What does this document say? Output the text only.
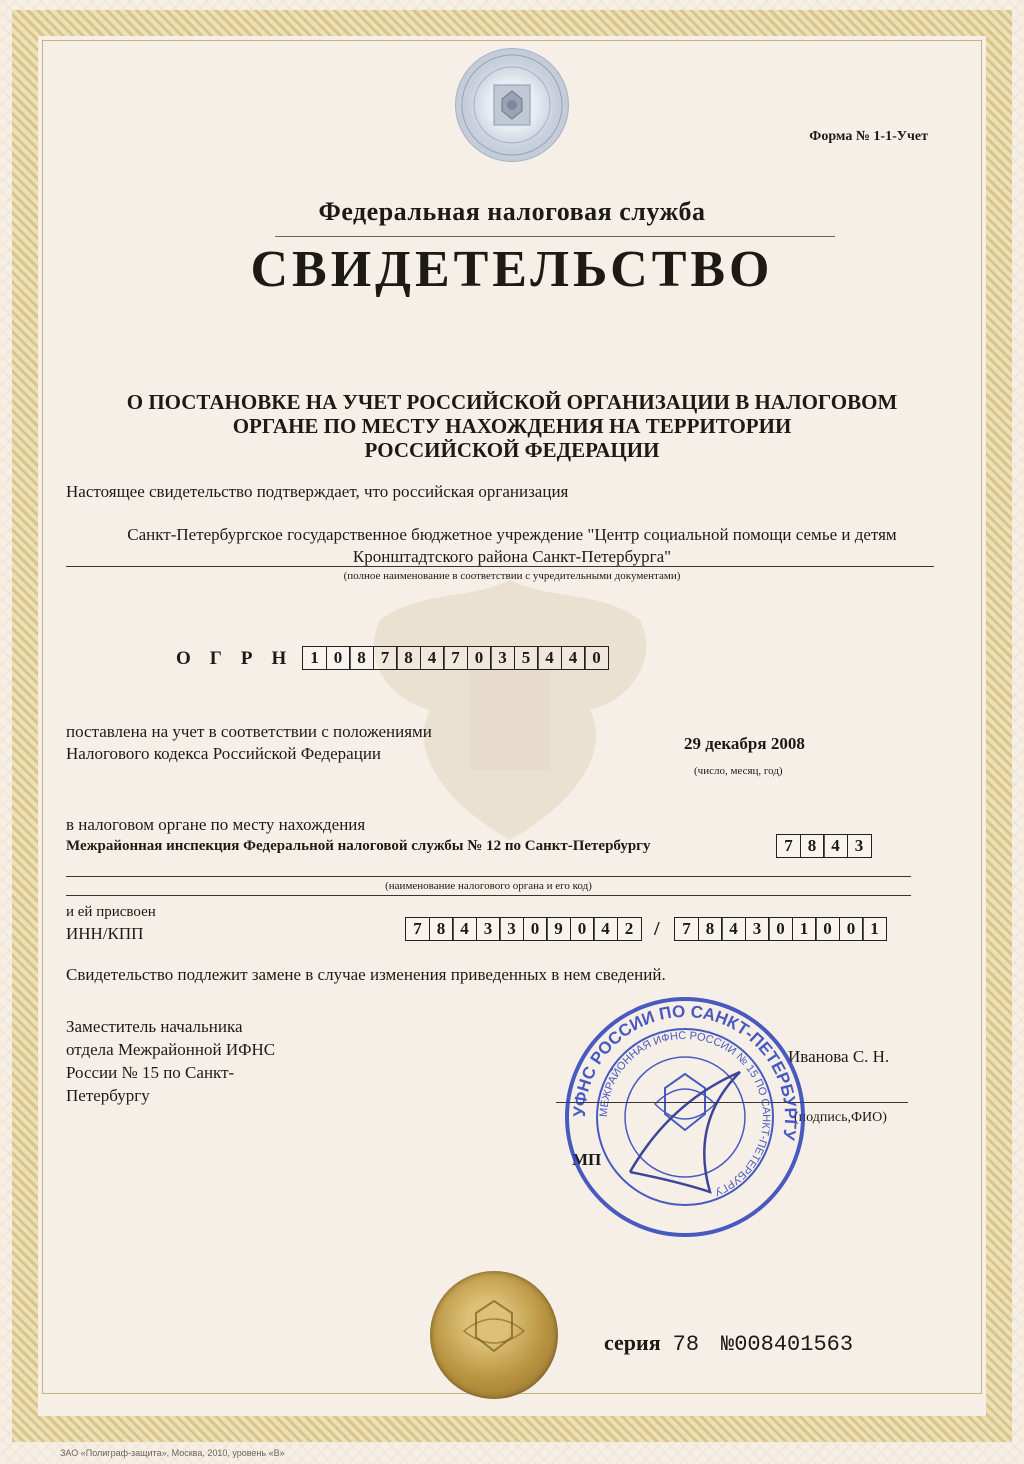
Форма № 1-1-Учет
Федеральная налоговая служба
СВИДЕТЕЛЬСТВО
О ПОСТАНОВКЕ НА УЧЕТ РОССИЙСКОЙ ОРГАНИЗАЦИИ В НАЛОГОВОМ
ОРГАНЕ ПО МЕСТУ НАХОЖДЕНИЯ НА ТЕРРИТОРИИ
РОССИЙСКОЙ ФЕДЕРАЦИИ
Настоящее свидетельство подтверждает, что российская организация
Санкт-Петербургское государственное бюджетное учреждение "Центр социальной помощи семье и детям
Кронштадтского района Санкт-Петербурга"
(полное наименование в соответствии с учредительными документами)
ОГРН 1 0 8 7 8 4 7 0 3 5 4 4 0
поставлена на учет в соответствии с положениями
Налогового кодекса Российской Федерации
29 декабря 2008
(число, месяц, год)
в налоговом органе по месту нахождения
Межрайонная инспекция Федеральной налоговой службы № 12 по Санкт-Петербургу	7 8 4 3
(наименование налогового органа и его код)
и ей присвоен
ИНН/КПП	7 8 4 3 3 0 9 0 4 2	/	7 8 4 3 0 1 0 0 1
Свидетельство подлежит замене в случае изменения приведенных в нем сведений.
Заместитель начальника
отдела Межрайонной ИФНС
России № 15 по Санкт-
Петербургу
Иванова С. Н.
(подпись,ФИО)
МП
УФНС РОССИИ ПО САНКТ-ПЕТЕРБУРГУ
МЕЖРАЙОННАЯ ИФНС РОССИИ № 15 ПО САНКТ-ПЕТЕРБУРГУ
серия 78 № 008401563
ЗАО «Полиграф-защита», Москва, 2010, уровень «В»
